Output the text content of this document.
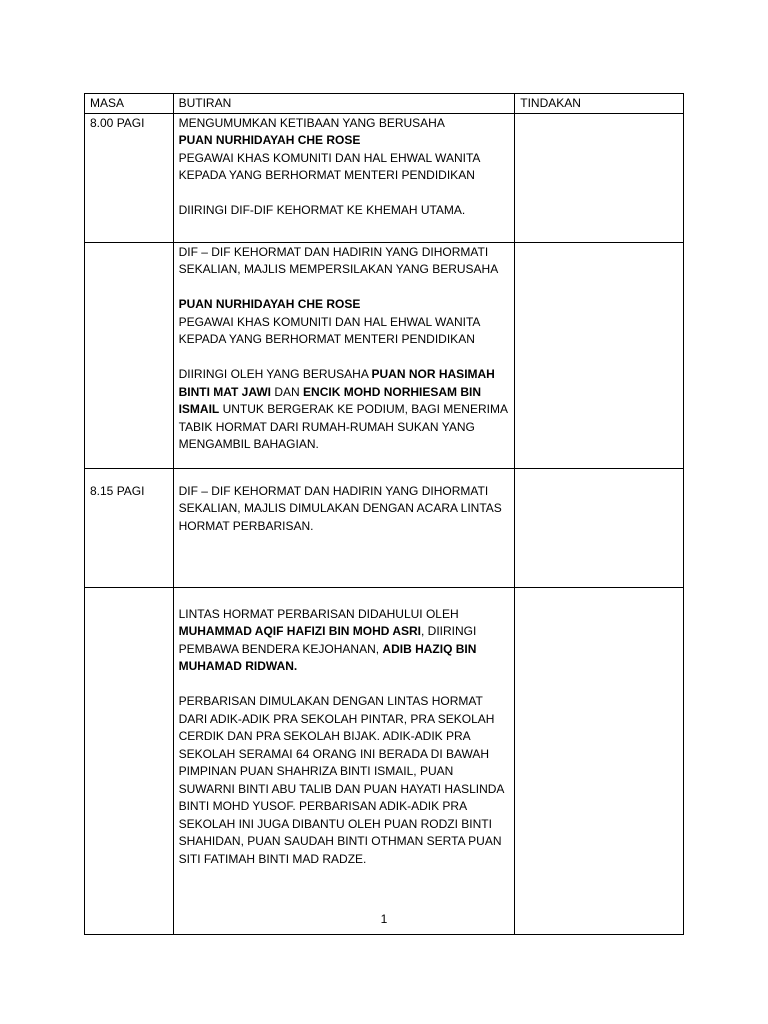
MASA	BUTIRAN	TINDAKAN
8.00 PAGI	MENGUMUMKAN KETIBAAN YANG BERUSAHA

PUAN NURHIDAYAH CHE ROSE

PEGAWAI KHAS KOMUNITI DAN HAL EHWAL WANITA KEPADA YANG BERHORMAT MENTERI PENDIDIKAN

DIIRINGI DIF-DIF KEHORMAT KE KHEMAH UTAMA.	

	DIF – DIF KEHORMAT DAN HADIRIN YANG DIHORMATI SEKALIAN, MAJLIS MEMPERSILAKAN YANG BERUSAHA

PUAN NURHIDAYAH CHE ROSE

PEGAWAI KHAS KOMUNITI DAN HAL EHWAL WANITA KEPADA YANG BERHORMAT MENTERI PENDIDIKAN

DIIRINGI OLEH YANG BERUSAHA PUAN NOR HASIMAH BINTI MAT JAWI DAN ENCIK MOHD NORHIESAM BIN ISMAIL UNTUK BERGERAK KE PODIUM, BAGI MENERIMA TABIK HORMAT DARI RUMAH-RUMAH SUKAN YANG MENGAMBIL BAHAGIAN.	

8.15 PAGI	DIF – DIF KEHORMAT DAN HADIRIN YANG DIHORMATI SEKALIAN, MAJLIS DIMULAKAN DENGAN ACARA LINTAS HORMAT PERBARISAN.	

	LINTAS HORMAT PERBARISAN DIDAHULUI OLEH MUHAMMAD AQIF HAFIZI BIN MOHD ASRI, DIIRINGI PEMBAWA BENDERA KEJOHANAN, ADIB HAZIQ BIN MUHAMAD RIDWAN.

PERBARISAN DIMULAKAN DENGAN LINTAS HORMAT DARI ADIK-ADIK PRA SEKOLAH PINTAR, PRA SEKOLAH CERDIK DAN PRA SEKOLAH BIJAK. ADIK-ADIK PRA SEKOLAH SERAMAI 64 ORANG INI BERADA DI BAWAH PIMPINAN PUAN SHAHRIZA BINTI ISMAIL, PUAN SUWARNI BINTI ABU TALIB DAN PUAN HAYATI HASLINDA BINTI MOHD YUSOF. PERBARISAN ADIK-ADIK PRA SEKOLAH INI JUGA DIBANTU OLEH PUAN RODZI BINTI SHAHIDAN, PUAN SAUDAH BINTI OTHMAN SERTA PUAN SITI FATIMAH BINTI MAD RADZE.	

1
